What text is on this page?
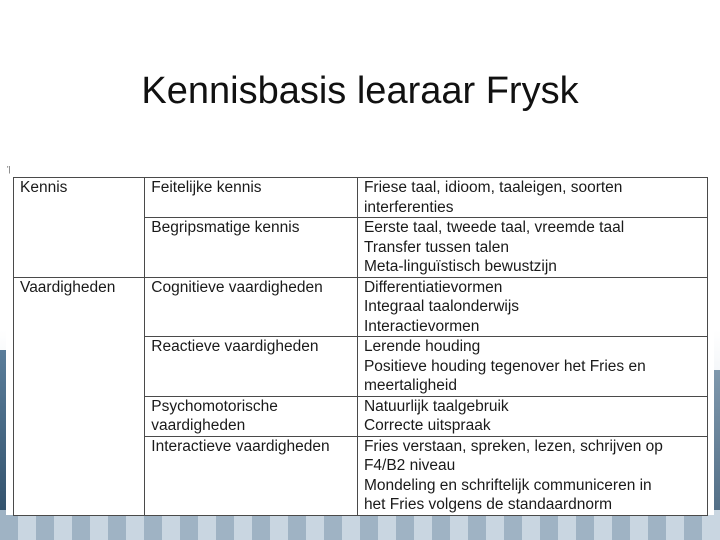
Kennisbasis learaar Frysk
'|
Kennis	Feitelijke kennis	Friese taal, idioom, taaleigen, soorten
interferenties

	Begripsmatige kennis	Eerste taal, tweede taal, vreemde taal
Transfer tussen talen
Meta-linguïstisch bewustzijn

Vaardigheden	Cognitieve vaardigheden	Differentiatievormen
Integraal taalonderwijs
Interactievormen

	Reactieve vaardigheden	Lerende houding
Positieve houding tegenover het Fries en
meertaligheid

	Psychomotorische
vaardigheden	Natuurlijk taalgebruik
Correcte uitspraak

	Interactieve vaardigheden	Fries verstaan, spreken, lezen, schrijven op
F4/B2 niveau
Mondeling en schriftelijk communiceren in
het Fries volgens de standaardnorm
